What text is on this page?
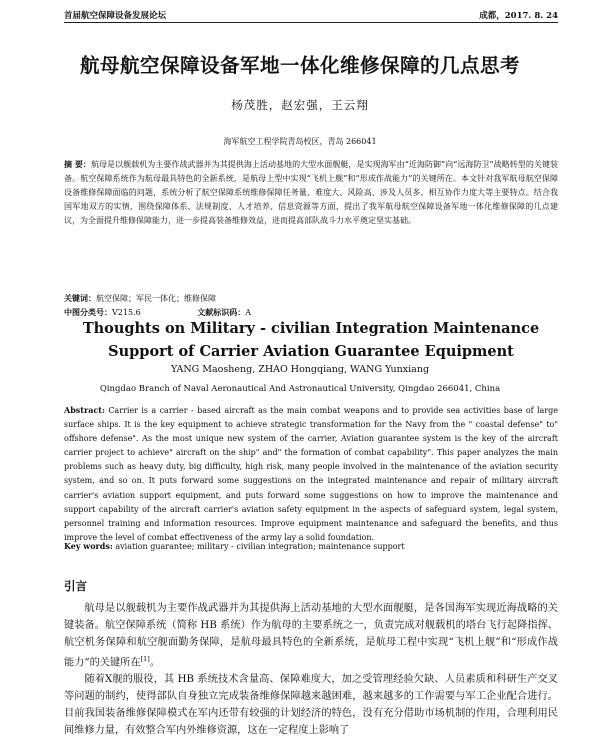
首届航空保障设备发展论坛	成都，2017. 8. 24
航母航空保障设备军地一体化维修保障的几点思考
杨茂胜，赵宏强，王云翔
海军航空工程学院青岛校区，青岛 266041
摘 要：航母是以舰载机为主要作战武器并为其提供海上活动基地的大型水面舰艇，是实现海军由“近海防御”向“远海防卫”战略转型的关键装备。航空保障系统作为航母最具特色的全新系统，是航母上型中实现“飞机上舰”和“形成作战能力”的关键所在。本文针对我军航母航空保障设备维修保障面临的问题，系统分析了航空保障系统维修保障任务量、难度大、风险高、涉及人员多、相互协作力度大等主要特点。结合我国军地双方的实情，围绕保障体系、法规制度、人才培养、信息资源等方面，提出了我军航母航空保障设备军地一体化维修保障的几点建议，为全面提升维修保障能力，进一步提高装备维修效益，进而提高部队战斗力水平奠定坚实基础。
关键词：航空保障；军民一体化；维修保障
中图分类号：V215.6	文献标识码：A
Thoughts on Military - civilian Integration Maintenance Support of Carrier Aviation Guarantee Equipment
YANG Maosheng, ZHAO Hongqiang, WANG Yunxiang
Qingdao Branch of Naval Aeronautical And Astronautical University, Qingdao 266041, China
Abstract: Carrier is a carrier - based aircraft as the main combat weapons and to provide sea activities base of large surface ships. It is the key equipment to achieve strategic transformation for the Navy from the " coastal defense" to" offshore defense". As the most unique new system of the carrier, Aviation guarantee system is the key of the aircraft carrier project to achieve" aircraft on the ship" and" the formation of combat capability". This paper analyzes the main problems such as heavy duty, big difficulty, high risk, many people involved in the maintenance of the aviation security system, and so on. It puts forward some suggestions on the integrated maintenance and repair of military aircraft carrier's aviation support equipment, and puts forward some suggestions on how to improve the maintenance and support capability of the aircraft carrier's aviation safety equipment in the aspects of safeguard system, legal system, personnel training and information resources. Improve equipment maintenance and safeguard the benefits, and thus improve the level of combat effectiveness of the army lay a solid foundation.
Key words: aviation guarantee; military - civilian integration; maintenance support
引言

航母是以舰载机为主要作战武器并为其提供海上活动基地的大型水面舰艇，是各国海军实现近海战略的关键装备。航空保障系统（简称 HB 系统）作为航母的主要系统之一，负责完成对舰载机的塔台飞行起降指挥、航空机务保障和航空舰面勤务保障，是航母最具特色的全新系统，是航母工程中实现“飞机上舰”和“形成作战能力”的关键所在[1]。

随着Ⅹ舰的服役，其 HB 系统技术含量高、保障难度大，加之受管理经验欠缺、人员素质和科研生产交叉等问题的制约，使得部队自身独立完成装备维修保障越来越困难，越来越多的工作需要与军工企业配合进行。目前我国装备维修保障模式在军内还带有较强的计划经济的特色，没有充分借助市场机制的作用，合理利用民间维修力量，有效整合军内外维修资源，这在一定程度上影响了
